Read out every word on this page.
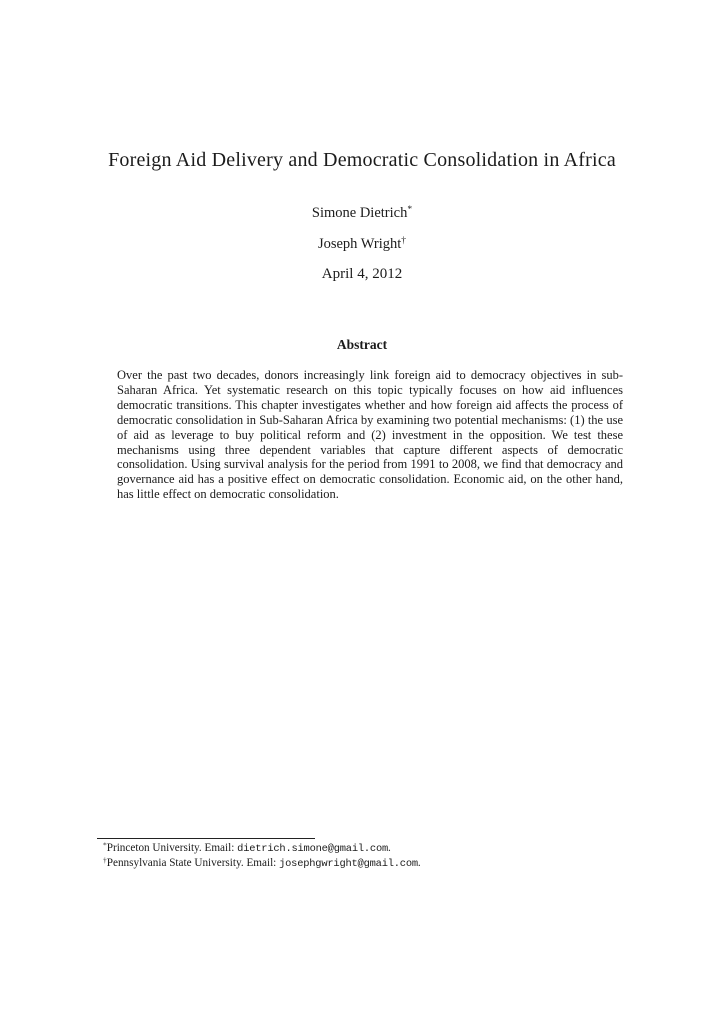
Foreign Aid Delivery and Democratic Consolidation in Africa
Simone Dietrich*
Joseph Wright†
April 4, 2012
Abstract

Over the past two decades, donors increasingly link foreign aid to democracy objectives in sub-Saharan Africa. Yet systematic research on this topic typically focuses on how aid influences democratic transitions. This chapter investigates whether and how foreign aid affects the process of democratic consolidation in Sub-Saharan Africa by examining two potential mechanisms: (1) the use of aid as leverage to buy political reform and (2) investment in the opposition. We test these mechanisms using three dependent variables that capture different aspects of democratic consolidation. Using survival analysis for the period from 1991 to 2008, we find that democracy and governance aid has a positive effect on democratic consolidation. Economic aid, on the other hand, has little effect on democratic consolidation.

*Princeton University. Email: dietrich.simone@gmail.com.
†Pennsylvania State University. Email: josephgwright@gmail.com.
